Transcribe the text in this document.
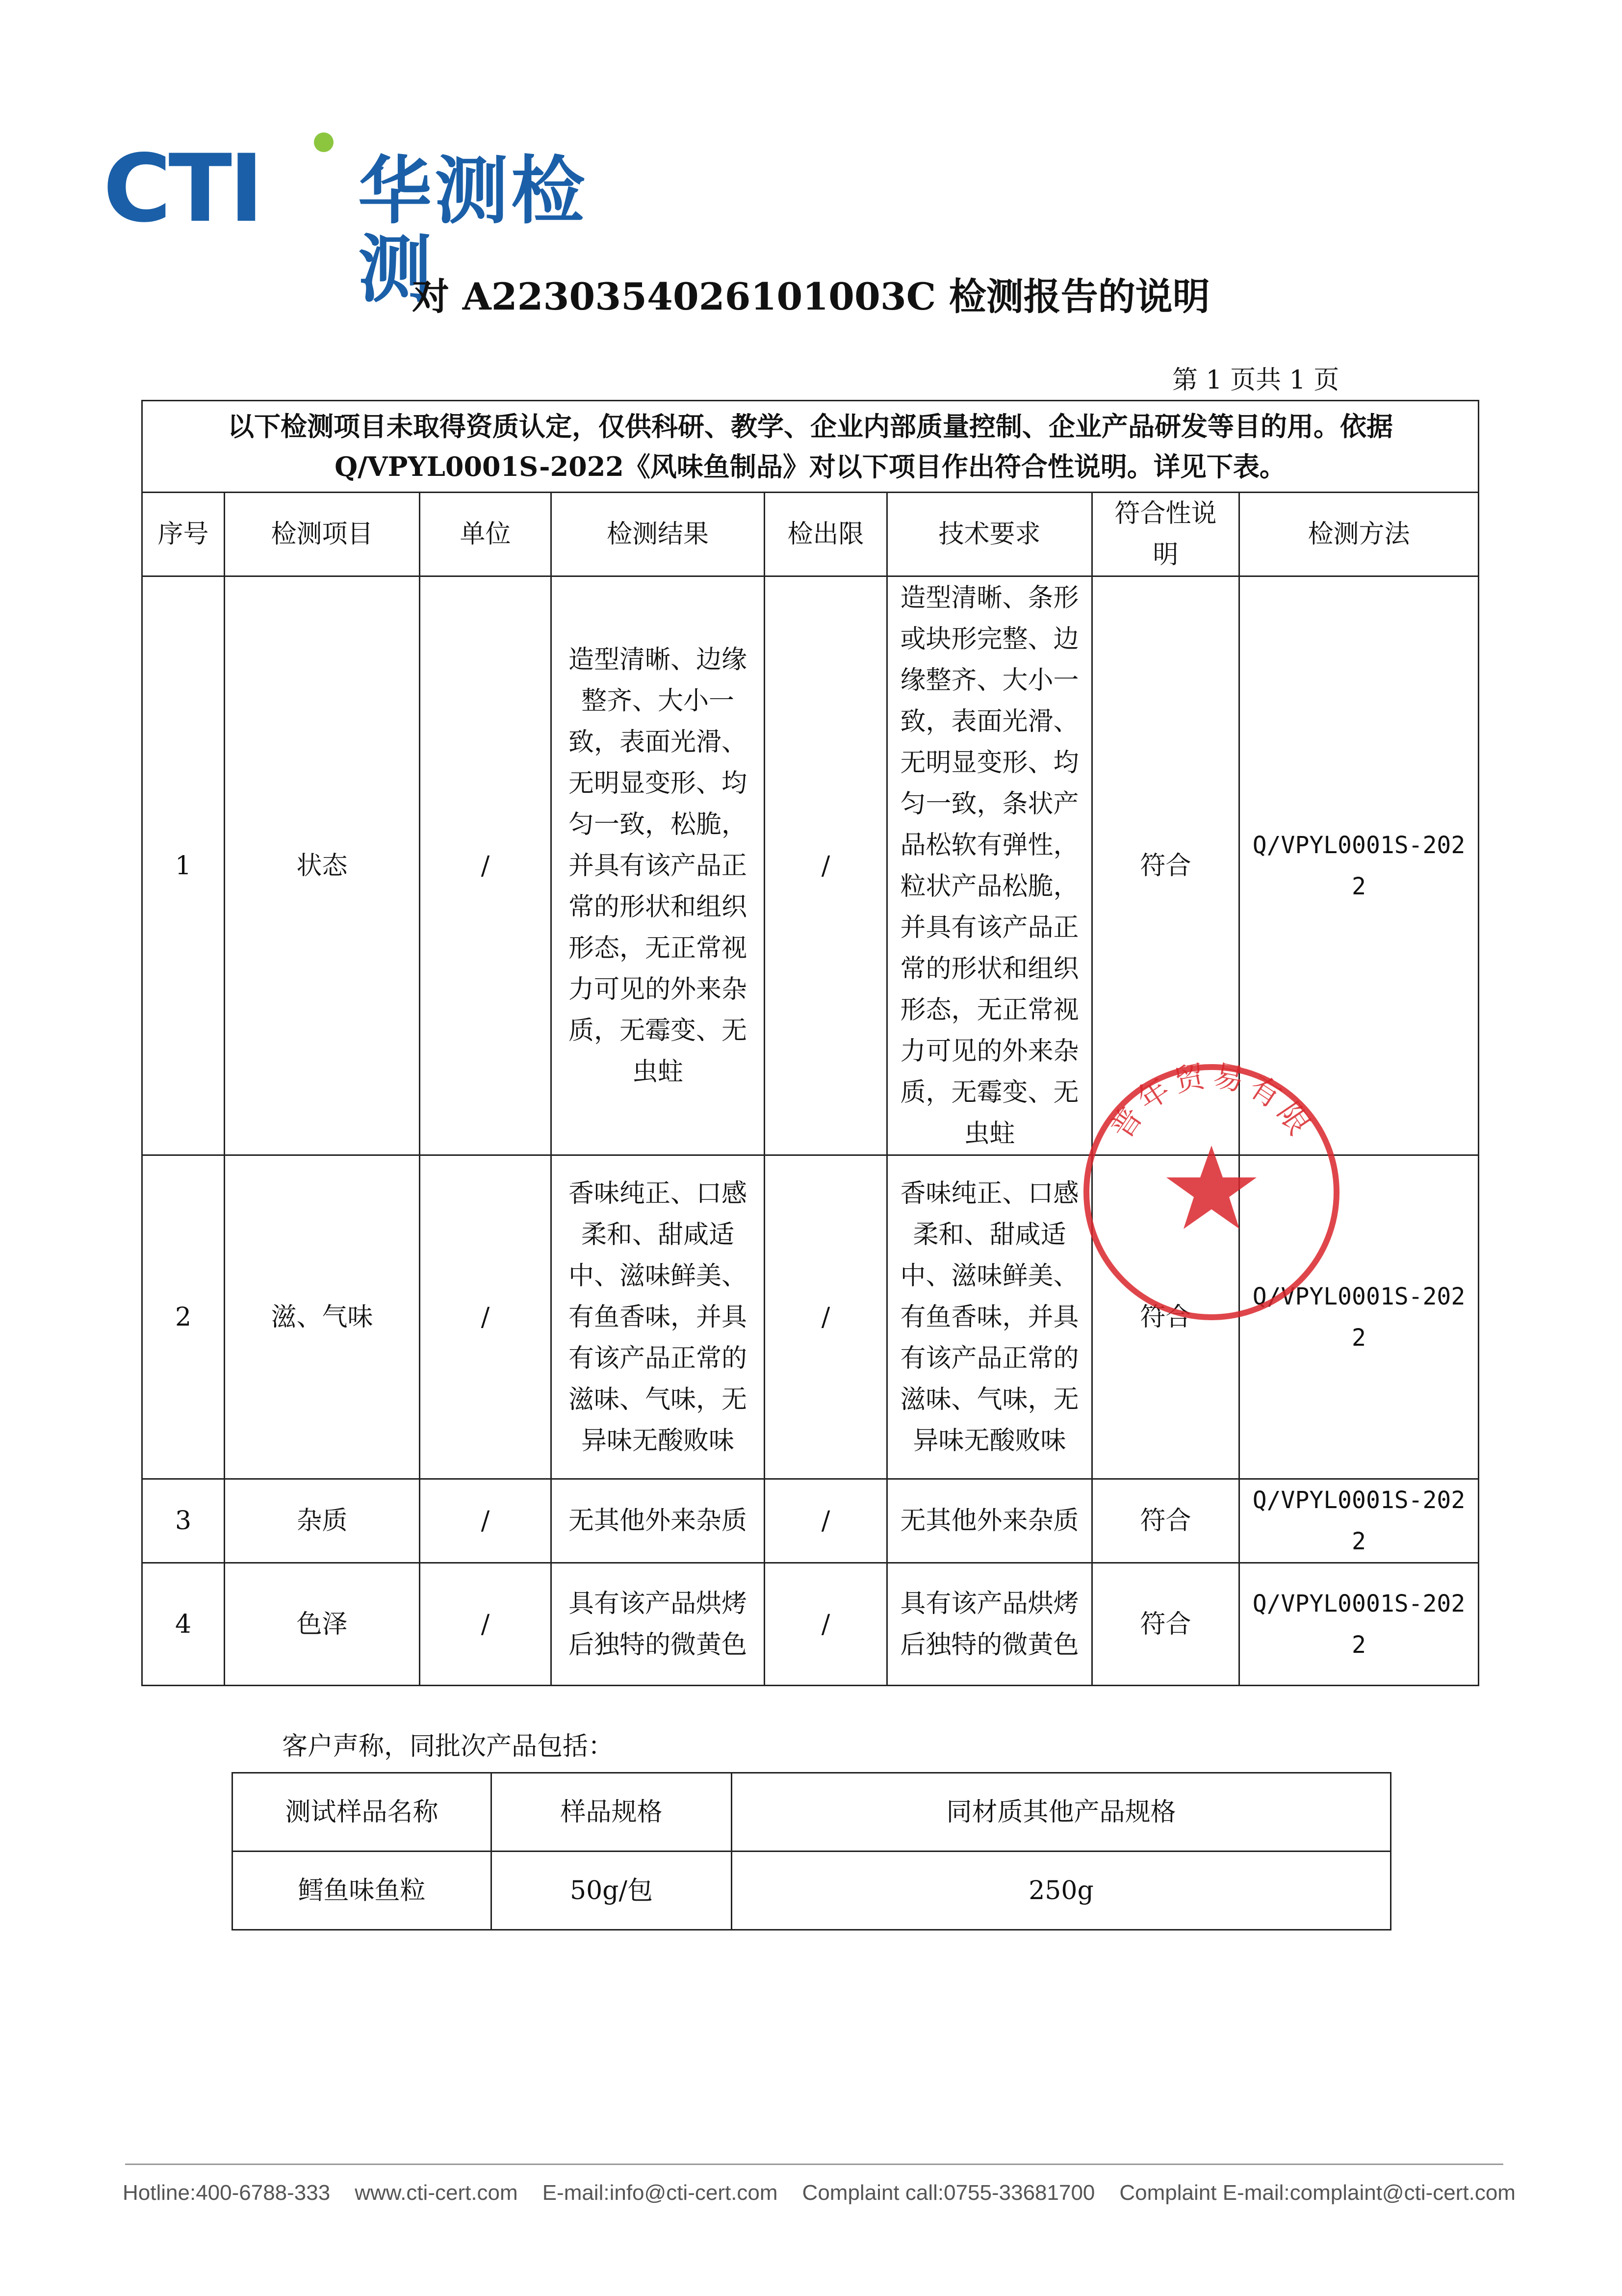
CTI 华测检测
对 A2230354026101003C 检测报告的说明
第 1 页共 1 页
以下检测项目未取得资质认定，仅供科研、教学、企业内部质量控制、企业产品研发等目的用。依据
Q/VPYL0001S-2022《风味鱼制品》对以下项目作出符合性说明。详见下表。							
序号	检测项目	单位	检测结果	检出限	技术要求	符合性说明	检测方法
1	状态	/	造型清晰、边缘整齐、大小一致，表面光滑、无明显变形、均匀一致，松脆，并具有该产品正常的形状和组织形态，无正常视力可见的外来杂质，无霉变、无虫蛀	/	造型清晰、条形或块形完整、边缘整齐、大小一致，表面光滑、无明显变形、均匀一致，条状产品松软有弹性，粒状产品松脆，并具有该产品正常的形状和组织形态，无正常视力可见的外来杂质，无霉变、无虫蛀	符合	Q/VPYL0001S-2022
2	滋、气味	/	香味纯正、口感柔和、甜咸适中、滋味鲜美、有鱼香味，并具有该产品正常的滋味、气味，无异味无酸败味	/	香味纯正、口感柔和、甜咸适中、滋味鲜美、有鱼香味，并具有该产品正常的滋味、气味，无异味无酸败味	符合	Q/VPYL0001S-2022
3	杂质	/	无其他外来杂质	/	无其他外来杂质	符合	Q/VPYL0001S-2022
4	色泽	/	具有该产品烘烤后独特的微黄色	/	具有该产品烘烤后独特的微黄色	符合	Q/VPYL0001S-2022
普年贸易有限
客户声称，同批次产品包括：
测试样品名称	样品规格	同材质其他产品规格
鳕鱼味鱼粒	50g/包	250g
Hotline:400-6788-333 www.cti-cert.com E-mail:info@cti-cert.com Complaint call:0755-33681700 Complaint E-mail:complaint@cti-cert.com
